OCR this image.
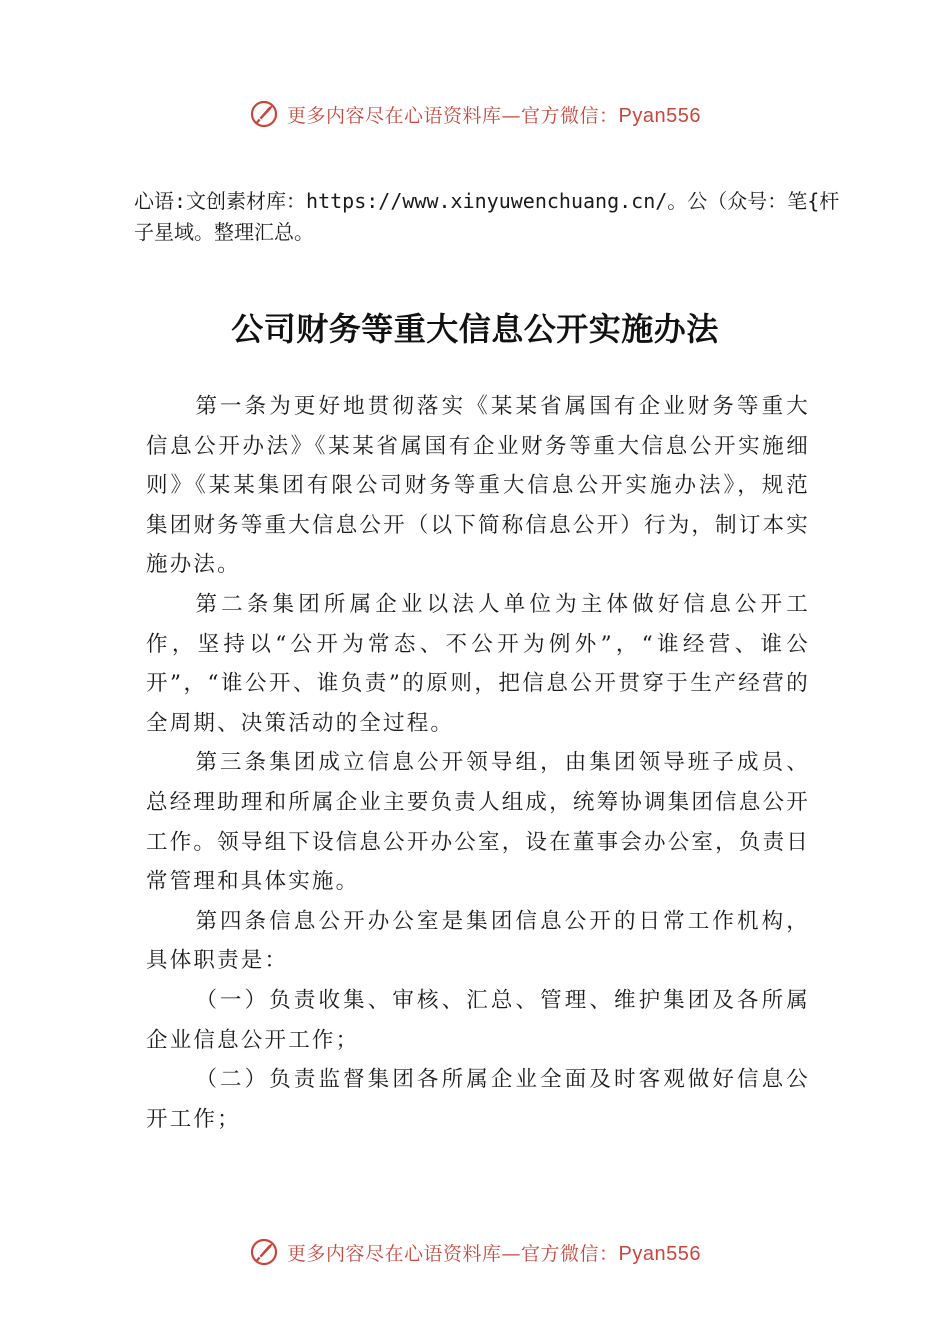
更多内容尽在心语资料库—官方微信：Pyan556
心语:文创素材库：https://www.xinyuwenchuang.cn/。公（众号：笔{杆子星域。整理汇总。
公司财务等重大信息公开实施办法

第一条为更好地贯彻落实《某某省属国有企业财务等重大信息公开办法》《某某省属国有企业财务等重大信息公开实施细则》《某某集团有限公司财务等重大信息公开实施办法》，规范集团财务等重大信息公开（以下简称信息公开）行为，制订本实施办法。

第二条集团所属企业以法人单位为主体做好信息公开工作，坚持以“公开为常态、不公开为例外”，“谁经营、谁公开”，“谁公开、谁负责”的原则，把信息公开贯穿于生产经营的全周期、决策活动的全过程。

第三条集团成立信息公开领导组，由集团领导班子成员、总经理助理和所属企业主要负责人组成，统筹协调集团信息公开工作。领导组下设信息公开办公室，设在董事会办公室，负责日常管理和具体实施。

第四条信息公开办公室是集团信息公开的日常工作机构，具体职责是：

（一）负责收集、审核、汇总、管理、维护集团及各所属企业信息公开工作；

（二）负责监督集团各所属企业全面及时客观做好信息公开工作；

更多内容尽在心语资料库—官方微信：Pyan556
